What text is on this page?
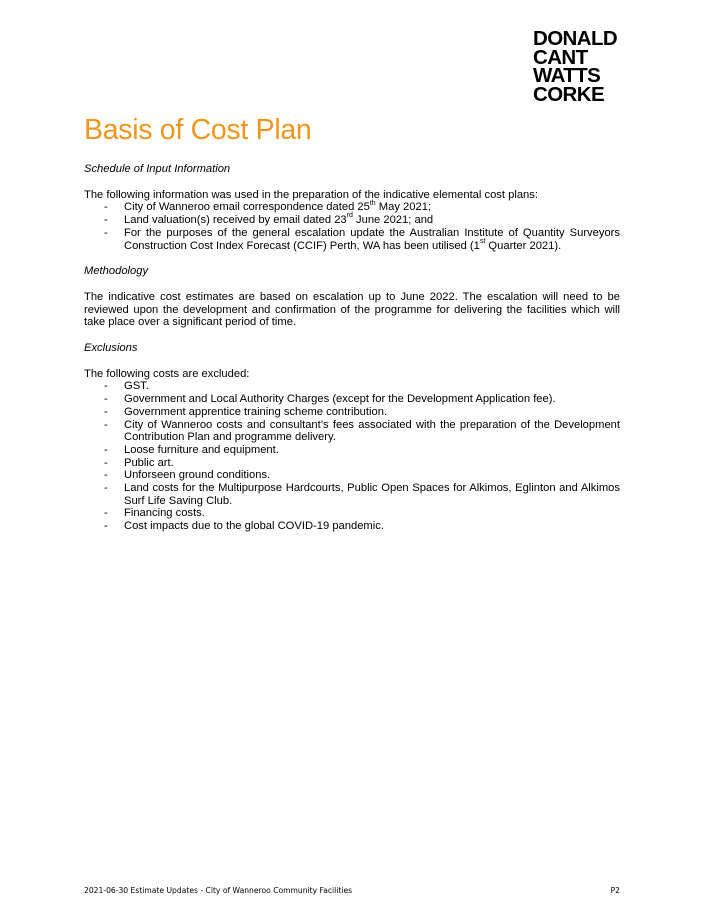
DONALD
CANT
WATTS
CORKE
Basis of Cost Plan
Schedule of Input Information
The following information was used in the preparation of the indicative elemental cost plans:
- City of Wanneroo email correspondence dated 25th May 2021;
- Land valuation(s) received by email dated 23rd June 2021; and
- For the purposes of the general escalation update the Australian Institute of Quantity Surveyors Construction Cost Index Forecast (CCIF) Perth, WA has been utilised (1st Quarter 2021).
Methodology
The indicative cost estimates are based on escalation up to June 2022. The escalation will need to be reviewed upon the development and confirmation of the programme for delivering the facilities which will take place over a significant period of time.
Exclusions
The following costs are excluded:
- GST.
- Government and Local Authority Charges (except for the Development Application fee).
- Government apprentice training scheme contribution.
- City of Wanneroo costs and consultant’s fees associated with the preparation of the Development Contribution Plan and programme delivery.
- Loose furniture and equipment.
- Public art.
- Unforseen ground conditions.
- Land costs for the Multipurpose Hardcourts, Public Open Spaces for Alkimos, Eglinton and Alkimos Surf Life Saving Club.
- Financing costs.
- Cost impacts due to the global COVID-19 pandemic.
2021-06-30 Estimate Updates - City of Wanneroo Community Facilities	P2
